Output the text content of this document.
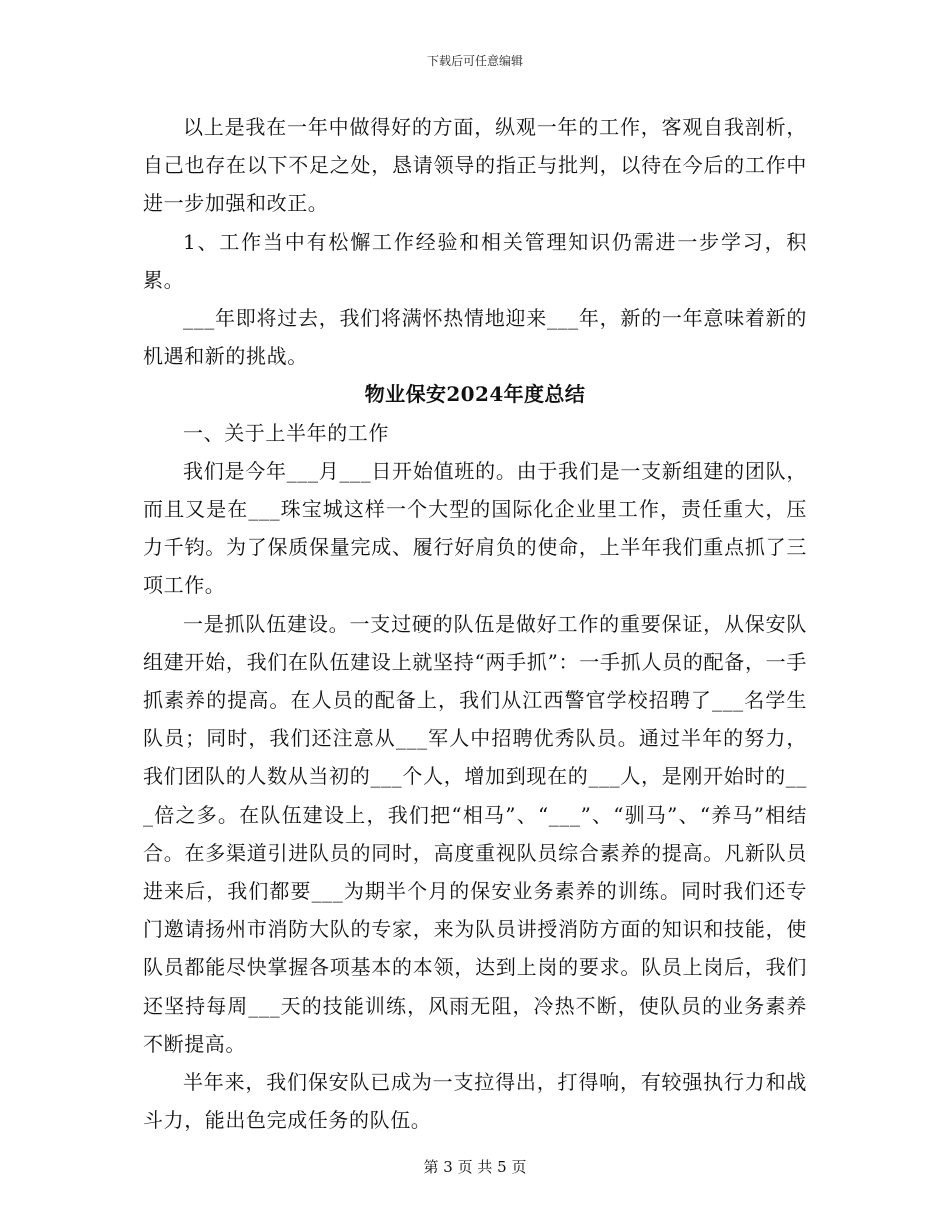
下载后可任意编辑

以上是我在一年中做得好的方面，纵观一年的工作，客观自我剖析，自己也存在以下不足之处，恳请领导的指正与批判，以待在今后的工作中进一步加强和改正。

1、工作当中有松懈工作经验和相关管理知识仍需进一步学习，积累。

___年即将过去，我们将满怀热情地迎来___年，新的一年意味着新的机遇和新的挑战。

物业保安2024年度总结

一、关于上半年的工作

我们是今年___月___日开始值班的。由于我们是一支新组建的团队，而且又是在___珠宝城这样一个大型的国际化企业里工作，责任重大，压力千钧。为了保质保量完成、履行好肩负的使命，上半年我们重点抓了三项工作。

一是抓队伍建设。一支过硬的队伍是做好工作的重要保证，从保安队组建开始，我们在队伍建设上就坚持“两手抓”：一手抓人员的配备，一手抓素养的提高。在人员的配备上，我们从江西警官学校招聘了___名学生队员；同时，我们还注意从___军人中招聘优秀队员。通过半年的努力，我们团队的人数从当初的___个人，增加到现在的___人，是刚开始时的___倍之多。在队伍建设上，我们把“相马”、“___”、“驯马”、“养马”相结合。在多渠道引进队员的同时，高度重视队员综合素养的提高。凡新队员进来后，我们都要___为期半个月的保安业务素养的训练。同时我们还专门邀请扬州市消防大队的专家，来为队员讲授消防方面的知识和技能，使队员都能尽快掌握各项基本的本领，达到上岗的要求。队员上岗后，我们还坚持每周___天的技能训练，风雨无阻，冷热不断，使队员的业务素养不断提高。

半年来，我们保安队已成为一支拉得出，打得响，有较强执行力和战斗力，能出色完成任务的队伍。

第 3 页 共 5 页
